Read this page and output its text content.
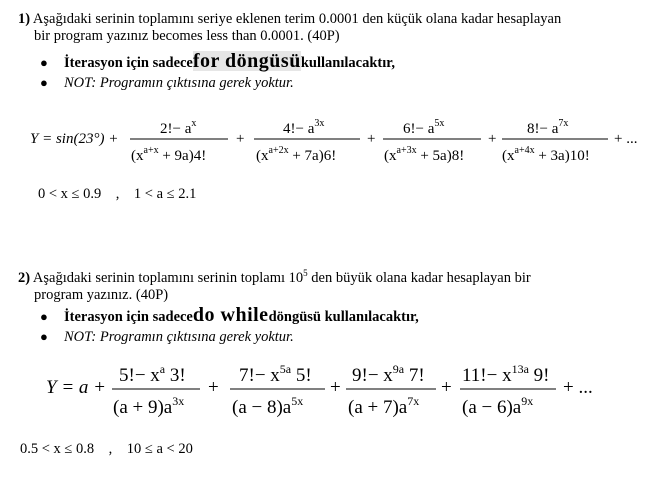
1) Aşağıdaki serinin toplamını seriye eklenen terim 0.0001 den küçük olana kadar hesaplayan
bir program yazınız becomes less than 0.0001. (40P)
●	İterasyon için sadece for döngüsü kullanılacaktır,
●	NOT: Programın çıktısına gerek yoktur.
Y = sin(23°) +
$2!- a^x$
$(x^{a+x} + 9a)4$!
+
$4!- a^{3x}$
$(x^{a+2x} + 7a)6$!
+
$6!- a^{5x}$
$(x^{a+3x} + 5a)8$!
+
$8!- a^{7x}$
$(x^{a+4x} + 3a)10$!
+ ...
Y = a +
$5!- x^a$ 3!
$(a + 9)a^{3x}$
+
$7!- x^{5a}$ 5!
$(a - 8)a^{5x}$
+
$9!- x^{9a}$ 7!
$(a + 7)a^{7x}$
+
$11!- x^{13a}$ 9!
$(a - 6)a^{9x}$
+ ...
0 < x ≤ 0.9    ,    1 < a ≤ 2.1
2) Aşağıdaki serinin toplamını serinin toplamı $10^5$ den büyük olana kadar hesaplayan bir
program yazınız. (40P)
●	İterasyon için sadece do while döngüsü kullanılacaktır,
●	NOT: Programın çıktısına gerek yoktur.
0.5 < x ≤ 0.8    ,    10 ≤ a < 20
